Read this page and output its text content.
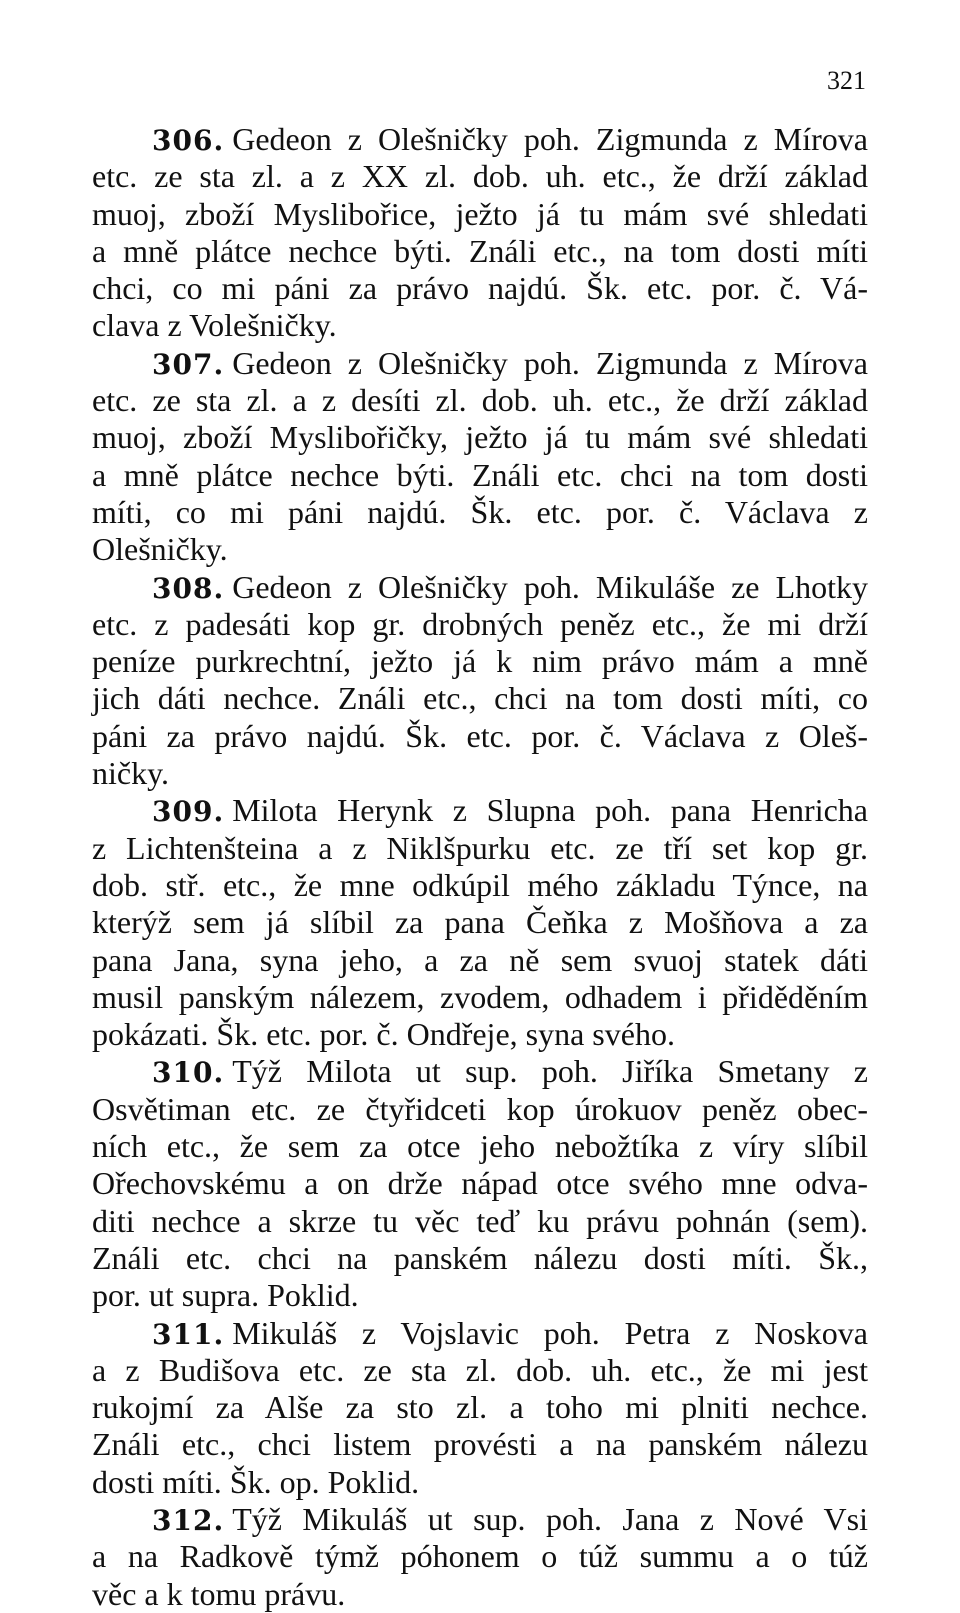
321
306. Gedeon z Olešničky poh. Zigmunda z Mírova
etc. ze sta zl. a z XX zl. dob. uh. etc., že drží základ
muoj, zboží Myslibořice, ježto já tu mám své shledati
a mně plátce nechce býti. Ználi etc., na tom dosti míti
chci, co mi páni za právo najdú. Šk. etc. por. č. Vá-
clava z Volešničky.
307. Gedeon z Olešničky poh. Zigmunda z Mírova
etc. ze sta zl. a z desíti zl. dob. uh. etc., že drží základ
muoj, zboží Myslibořičky, ježto já tu mám své shledati
a mně plátce nechce býti. Ználi etc. chci na tom dosti
míti, co mi páni najdú. Šk. etc. por. č. Václava z
Olešničky.
308. Gedeon z Olešničky poh. Mikuláše ze Lhotky
etc. z padesáti kop gr. drobných peněz etc., že mi drží
peníze purkrechtní, ježto já k nim právo mám a mně
jich dáti nechce. Ználi etc., chci na tom dosti míti, co
páni za právo najdú. Šk. etc. por. č. Václava z Oleš-
ničky.
309. Milota Herynk z Slupna poh. pana Henricha
z Lichtenšteina a z Niklšpurku etc. ze tří set kop gr.
dob. stř. etc., že mne odkúpil mého základu Týnce, na
kterýž sem já slíbil za pana Čeňka z Mošňova a za
pana Jana, syna jeho, a za ně sem svuoj statek dáti
musil panským nálezem, zvodem, odhadem i přiděděním
pokázati. Šk. etc. por. č. Ondřeje, syna svého.
310. Týž Milota ut sup. poh. Jiříka Smetany z
Osvětiman etc. ze čtyřidceti kop úrokuov peněz obec-
ních etc., že sem za otce jeho nebožtíka z víry slíbil
Ořechovskému a on drže nápad otce svého mne odva-
diti nechce a skrze tu věc teď ku právu pohnán (sem).
Ználi etc. chci na panském nálezu dosti míti. Šk.,
por. ut supra. Poklid.
311. Mikuláš z Vojslavic poh. Petra z Noskova
a z Budišova etc. ze sta zl. dob. uh. etc., že mi jest
rukojmí za Alše za sto zl. a toho mi plniti nechce.
Ználi etc., chci listem provésti a na panském nálezu
dosti míti. Šk. op. Poklid.
312. Týž Mikuláš ut sup. poh. Jana z Nové Vsi
a na Radkově týmž póhonem o túž summu a o túž
věc a k tomu právu.
